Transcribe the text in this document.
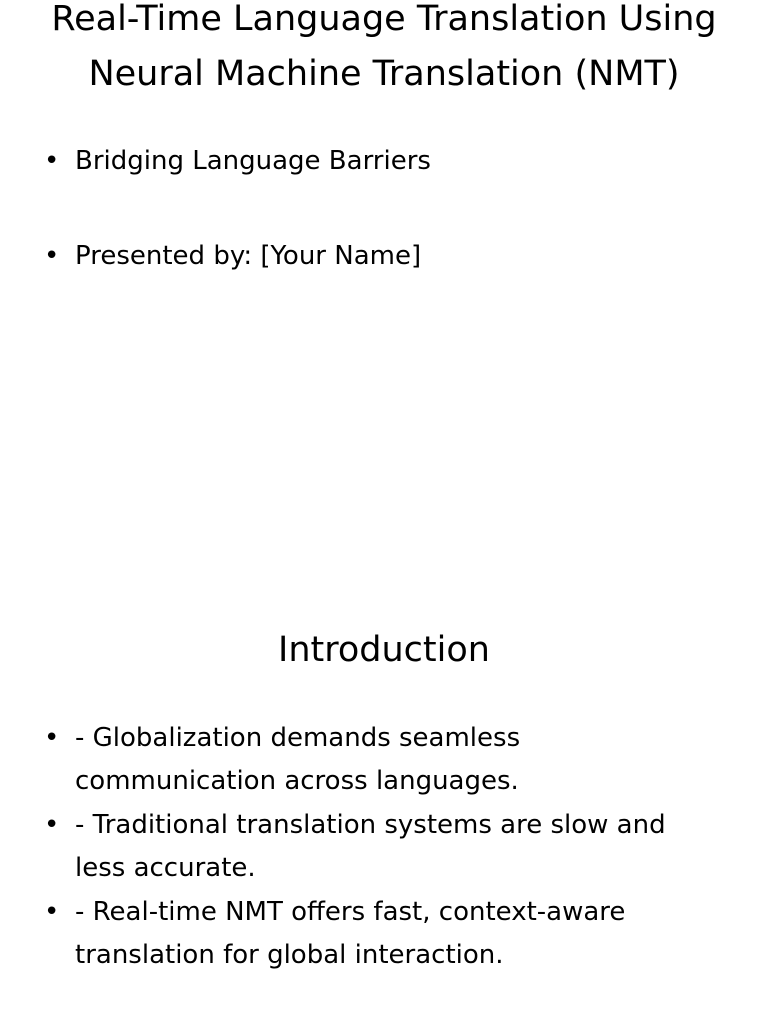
Real-Time Language Translation Using Neural Machine Translation (NMT)
• Bridging Language Barriers
• Presented by: [Your Name]
Introduction
• - Globalization demands seamless communication across languages.
• - Traditional translation systems are slow and less accurate.
• - Real-time NMT offers fast, context-aware translation for global interaction.
